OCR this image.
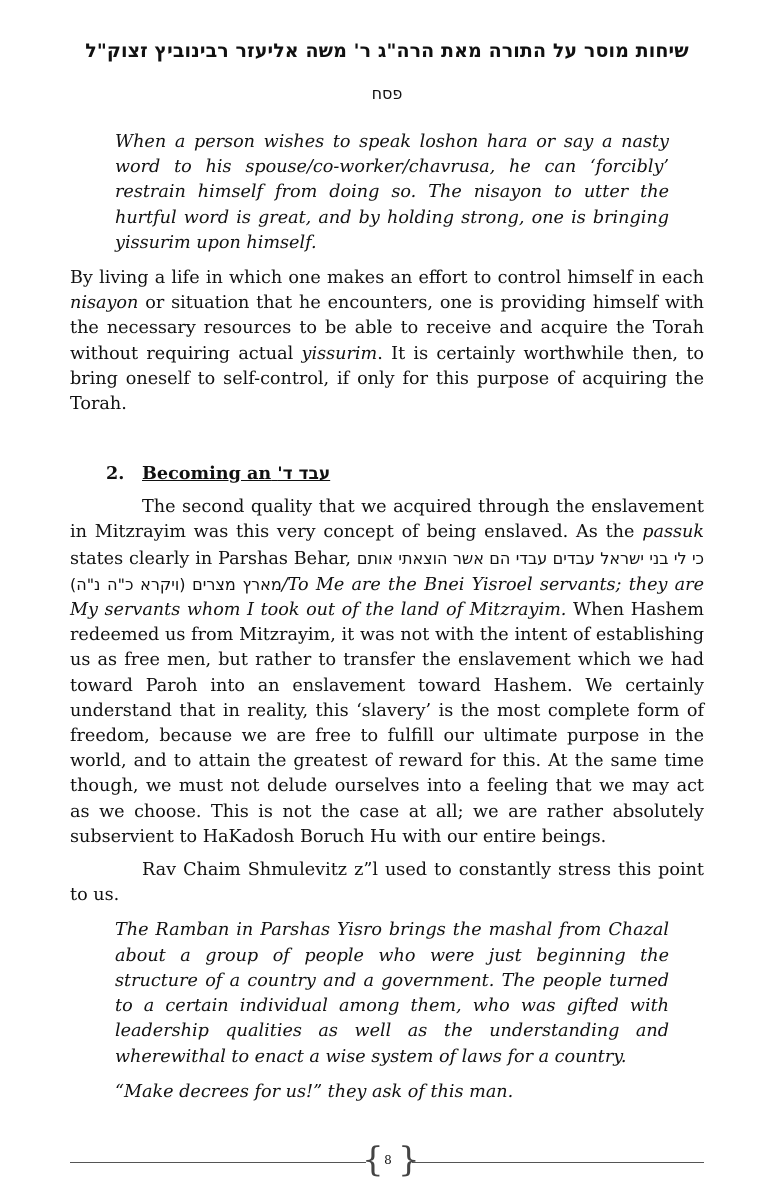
שיחות מוסר על התורה מאת הרה"ג ר' משה אליעזר רבינוביץ זצוק"ל
פסח

When a person wishes to speak loshon hara or say a nasty word to his spouse/co-worker/chavrusa, he can ‘forcibly’ restrain himself from doing so. The nisayon to utter the hurtful word is great, and by holding strong, one is bringing yissurim upon himself.

By living a life in which one makes an effort to control himself in each nisayon or situation that he encounters, one is providing himself with the necessary resources to be able to receive and acquire the Torah without requiring actual yissurim. It is certainly worthwhile then, to bring oneself to self-control, if only for this purpose of acquiring the Torah.

2. Becoming an עבד ד'

The second quality that we acquired through the enslavement in Mitzrayim was this very concept of being enslaved. As the passuk states clearly in Parshas Behar, כי לי בני ישראל עבדים עבדי הם אשר הוצאתי אותם מארץ מצרים (ויקרא כ"ה נ"ה)/To Me are the Bnei Yisroel servants; they are My servants whom I took out of the land of Mitzrayim. When Hashem redeemed us from Mitzrayim, it was not with the intent of establishing us as free men, but rather to transfer the enslavement which we had toward Paroh into an enslavement toward Hashem. We certainly understand that in reality, this ‘slavery’ is the most complete form of freedom, because we are free to fulfill our ultimate purpose in the world, and to attain the greatest of reward for this. At the same time though, we must not delude ourselves into a feeling that we may act as we choose. This is not the case at all; we are rather absolutely subservient to HaKadosh Boruch Hu with our entire beings.

Rav Chaim Shmulevitz z”l used to constantly stress this point to us.

The Ramban in Parshas Yisro brings the mashal from Chazal about a group of people who were just beginning the structure of a country and a government. The people turned to a certain individual among them, who was gifted with leadership qualities as well as the understanding and wherewithal to enact a wise system of laws for a country.

“Make decrees for us!” they ask of this man.

{ 8 }
